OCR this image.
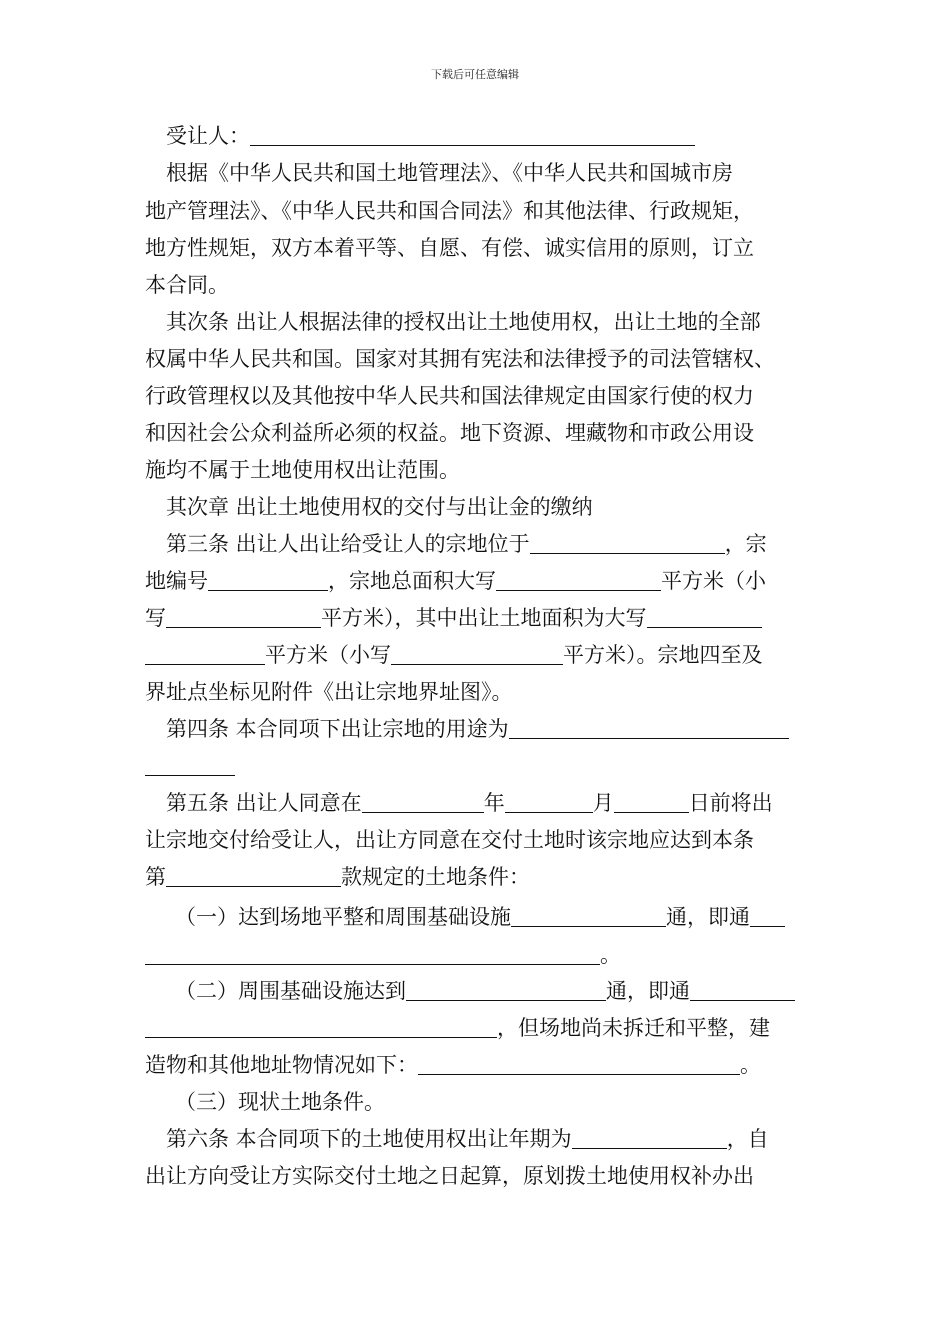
下载后可任意编辑
受让人：
根据《中华人民共和国土地管理法》、《中华人民共和国城市房
地产管理法》、《中华人民共和国合同法》和其他法律、行政规矩，
地方性规矩，双方本着平等、自愿、有偿、诚实信用的原则，订立
本合同。
其次条 出让人根据法律的授权出让土地使用权，出让土地的全部
权属中华人民共和国。国家对其拥有宪法和法律授予的司法管辖权、
行政管理权以及其他按中华人民共和国法律规定由国家行使的权力
和因社会公众利益所必须的权益。地下资源、埋藏物和市政公用设
施均不属于土地使用权出让范围。
其次章 出让土地使用权的交付与出让金的缴纳
第三条 出让人出让给受让人的宗地位于	，宗
地编号	，宗地总面积大写	平方米（小
写	平方米），其中出让土地面积为大写
平方米（小写	平方米）。宗地四至及
界址点坐标见附件《出让宗地界址图》。
第四条 本合同项下出让宗地的用途为
第五条 出让人同意在	年	月	日前将出
让宗地交付给受让人，出让方同意在交付土地时该宗地应达到本条
第	款规定的土地条件：
（一）达到场地平整和周围基础设施	通，即通
。
（二）周围基础设施达到	通，即通
，但场地尚未拆迁和平整，建
造物和其他地址物情况如下：	。
（三）现状土地条件。
第六条 本合同项下的土地使用权出让年期为	，自
出让方向受让方实际交付土地之日起算，原划拨土地使用权补办出
